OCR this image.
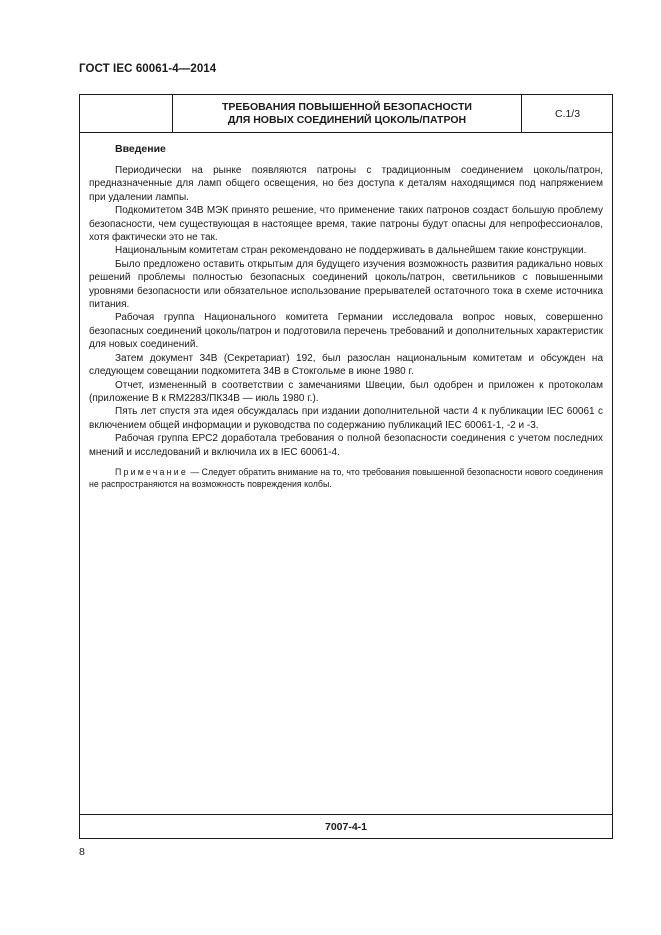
ГОСТ IEC 60061-4—2014
ТРЕБОВАНИЯ ПОВЫШЕННОЙ БЕЗОПАСНОСТИ
ДЛЯ НОВЫХ СОЕДИНЕНИЙ ЦОКОЛЬ/ПАТРОН	С.1/3
Введение

Периодически на рынке появляются патроны с традиционным соединением цоколь/патрон, предназначенные для ламп общего освещения, но без доступа к деталям находящимся под напряжением при удалении лампы.

Подкомитетом 34В МЭК принято решение, что применение таких патронов создаст большую проблему безопасности, чем существующая в настоящее время, такие патроны будут опасны для непрофессионалов, хотя фактически это не так.

Национальным комитетам стран рекомендовано не поддерживать в дальнейшем такие конструкции.

Было предложено оставить открытым для будущего изучения возможность развития радикально новых решений проблемы полностью безопасных соединений цоколь/патрон, светильников с повышенными уровнями безопасности или обязательное использование прерывателей остаточного тока в схеме источника питания.

Рабочая группа Национального комитета Германии исследовала вопрос новых, совершенно безопасных соединений цоколь/патрон и подготовила перечень требований и дополнительных характеристик для новых соединений.

Затем документ 34В (Секретариат) 192, был разослан национальным комитетам и обсужден на следующем совещании подкомитета 34В в Стокгольме в июне 1980 г.

Отчет, измененный в соответствии с замечаниями Швеции, был одобрен и приложен к протоколам (приложение В к RM2283/ПК34В — июль 1980 г.).

Пять лет спустя эта идея обсуждалась при издании дополнительной части 4 к публикации IEC 60061 с включением общей информации и руководства по содержанию публикаций IEC 60061-1, -2 и -3.

Рабочая группа EPC2 доработала требования о полной безопасности соединения с учетом последних мнений и исследований и включила их в IEC 60061-4.

Примечание — Следует обратить внимание на то, что требования повышенной безопасности нового соединения не распространяются на возможность повреждения колбы.
7007-4-1
8
